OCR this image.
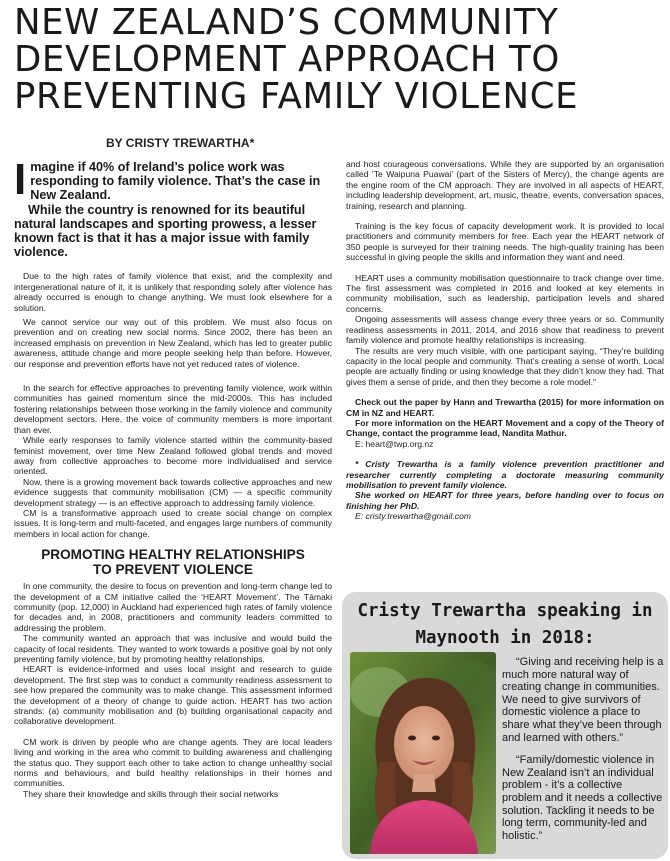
NEW ZEALAND’S COMMUNITY
DEVELOPMENT APPROACH TO
PREVENTING FAMILY VIOLENCE
BY CRISTY TREWARTHA*

Imagine if 40% of Ireland’s police work was responding to family violence. That’s the case in New Zealand.

While the country is renowned for its beautiful natural landscapes and sporting prowess, a lesser known fact is that it has a major issue with family violence.

Due to the high rates of family violence that exist, and the complexity and intergenerational nature of it, it is unlikely that responding solely after violence has already occurred is enough to change anything. We must look elsewhere for a solution.

We cannot service our way out of this problem. We must also focus on prevention and on creating new social norms. Since 2002, there has been an increased emphasis on prevention in New Zealand, which has led to greater public awareness, attitude change and more people seeking help than before. However, our response and prevention efforts have not yet reduced rates of violence.

In the search for effective approaches to preventing family violence, work within communities has gained momentum since the mid-2000s. This has included fostering relationships between those working in the family violence and community development sectors. Here, the voice of community members is more important than ever.

While early responses to family violence started within the community-based feminist movement, over time New Zealand followed global trends and moved away from collective approaches to become more individualised and service oriented.

Now, there is a growing movement back towards collective approaches and new evidence suggests that community mobilisation (CM) — a specific community development strategy — is an effective approach to addressing family violence.

CM is a transformative approach used to create social change on complex issues. It is long-term and multi-faceted, and engages large numbers of community members in local action for change.

PROMOTING HEALTHY RELATIONSHIPS
TO PREVENT VIOLENCE

In one community, the desire to focus on prevention and long-term change led to the development of a CM initiative called the ‘HEART Movement’. The Tāmaki community (pop. 12,000) in Auckland had experienced high rates of family violence for decades and, in 2008, practitioners and community leaders committed to addressing the problem.

The community wanted an approach that was inclusive and would build the capacity of local residents. They wanted to work towards a positive goal by not only preventing family violence, but by promoting healthy relationships.

HEART is evidence-informed and uses local insight and research to guide development. The first step was to conduct a community readiness assessment to see how prepared the community was to make change. This assessment informed the development of a theory of change to guide action. HEART has two action strands: (a) community mobilisation and (b) building organisational capacity and collaborative development.

CM work is driven by people who are change agents. They are local leaders living and working in the area who commit to building awareness and challenging the status quo. They support each other to take action to change unhealthy social norms and behaviours, and build healthy relationships in their homes and communities.

They share their knowledge and skills through their social networks

and host courageous conversations. While they are supported by an organisation called ‘Te Waipuna Puawai’ (part of the Sisters of Mercy), the change agents are the engine room of the CM approach. They are involved in all aspects of HEART, including leadership development, art, music, theatre, events, conversation spaces, training, research and planning.

Training is the key focus of capacity development work. It is provided to local practitioners and community members for free. Each year the HEART network of 350 people is surveyed for their training needs. The high-quality training has been successful in giving people the skills and information they want and need.

HEART uses a community mobilisation questionnaire to track change over time. The first assessment was completed in 2016 and looked at key elements in community mobilisation, such as leadership, participation levels and shared concerns.

Ongoing assessments will assess change every three years or so. Community readiness assessments in 2011, 2014, and 2016 show that readiness to prevent family violence and promote healthy relationships is increasing.

The results are very much visible, with one participant saying, “They’re building capacity in the local people and community. That’s creating a sense of worth. Local people are actually finding or using knowledge that they didn’t know they had. That gives them a sense of pride, and then they become a role model.”

Check out the paper by Hann and Trewartha (2015) for more information on CM in NZ and HEART.

For more information on the HEART Movement and a copy of the Theory of Change, contact the programme lead, Nandita Mathur.

E: heart@twp.org.nz

* Cristy Trewartha is a family violence prevention practitioner and researcher currently completing a doctorate measuring community mobilisation to prevent family violence.

She worked on HEART for three years, before handing over to focus on finishing her PhD.

E: cristy.trewartha@gmail.com

Cristy Trewartha speaking in
Maynooth in 2018:

“Giving and receiving help is a much more natural way of creating change in communities. We need to give survivors of domestic violence a place to share what they’ve been through and learned with others.”

“Family/domestic violence in New Zealand isn’t an individual problem - it’s a collective problem and it needs a collective solution. Tackling it needs to be long term, community-led and holistic.”
